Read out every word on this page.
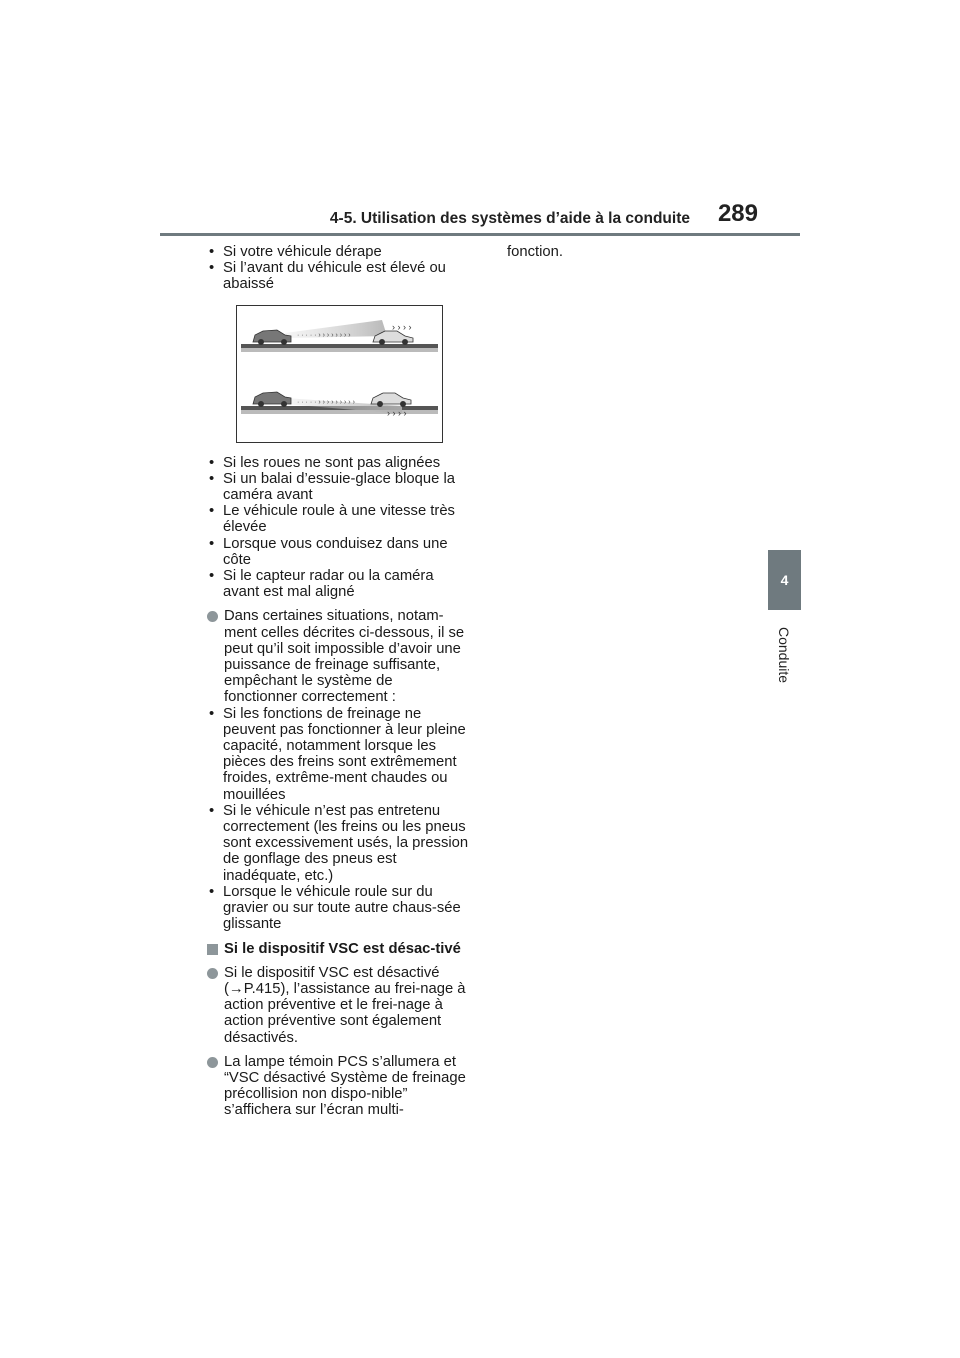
4-5. Utilisation des systèmes d’aide à la conduite 289
4
Conduite
• Si votre véhicule dérape
• Si l’avant du véhicule est élevé ou abaissé
· · · · · › › › › › › › ›
› › › ›
· · · · · › › › › › › › › ›
› › › ›
• Si les roues ne sont pas alignées
• Si un balai d’essuie-glace bloque la caméra avant
• Le véhicule roule à une vitesse très élevée
• Lorsque vous conduisez dans une côte
• Si le capteur radar ou la caméra avant est mal aligné
Dans certaines situations, notam-ment celles décrites ci-dessous, il se peut qu’il soit impossible d’avoir une puissance de freinage suffisante, empêchant le système de fonctionner correctement :
• Si les fonctions de freinage ne peuvent pas fonctionner à leur pleine capacité, notamment lorsque les pièces des freins sont extrêmement froides, extrême-ment chaudes ou mouillées
• Si le véhicule n’est pas entretenu correctement (les freins ou les pneus sont excessivement usés, la pression de gonflage des pneus est inadéquate, etc.)
• Lorsque le véhicule roule sur du gravier ou sur toute autre chaus-sée glissante
Si le dispositif VSC est désac-tivé
Si le dispositif VSC est désactivé (→P.415), l’assistance au frei-nage à action préventive et le frei-nage à action préventive sont également désactivés.
La lampe témoin PCS s’allumera et “VSC désactivé Système de freinage précollision non dispo-nible” s’affichera sur l’écran multi-
fonction.
